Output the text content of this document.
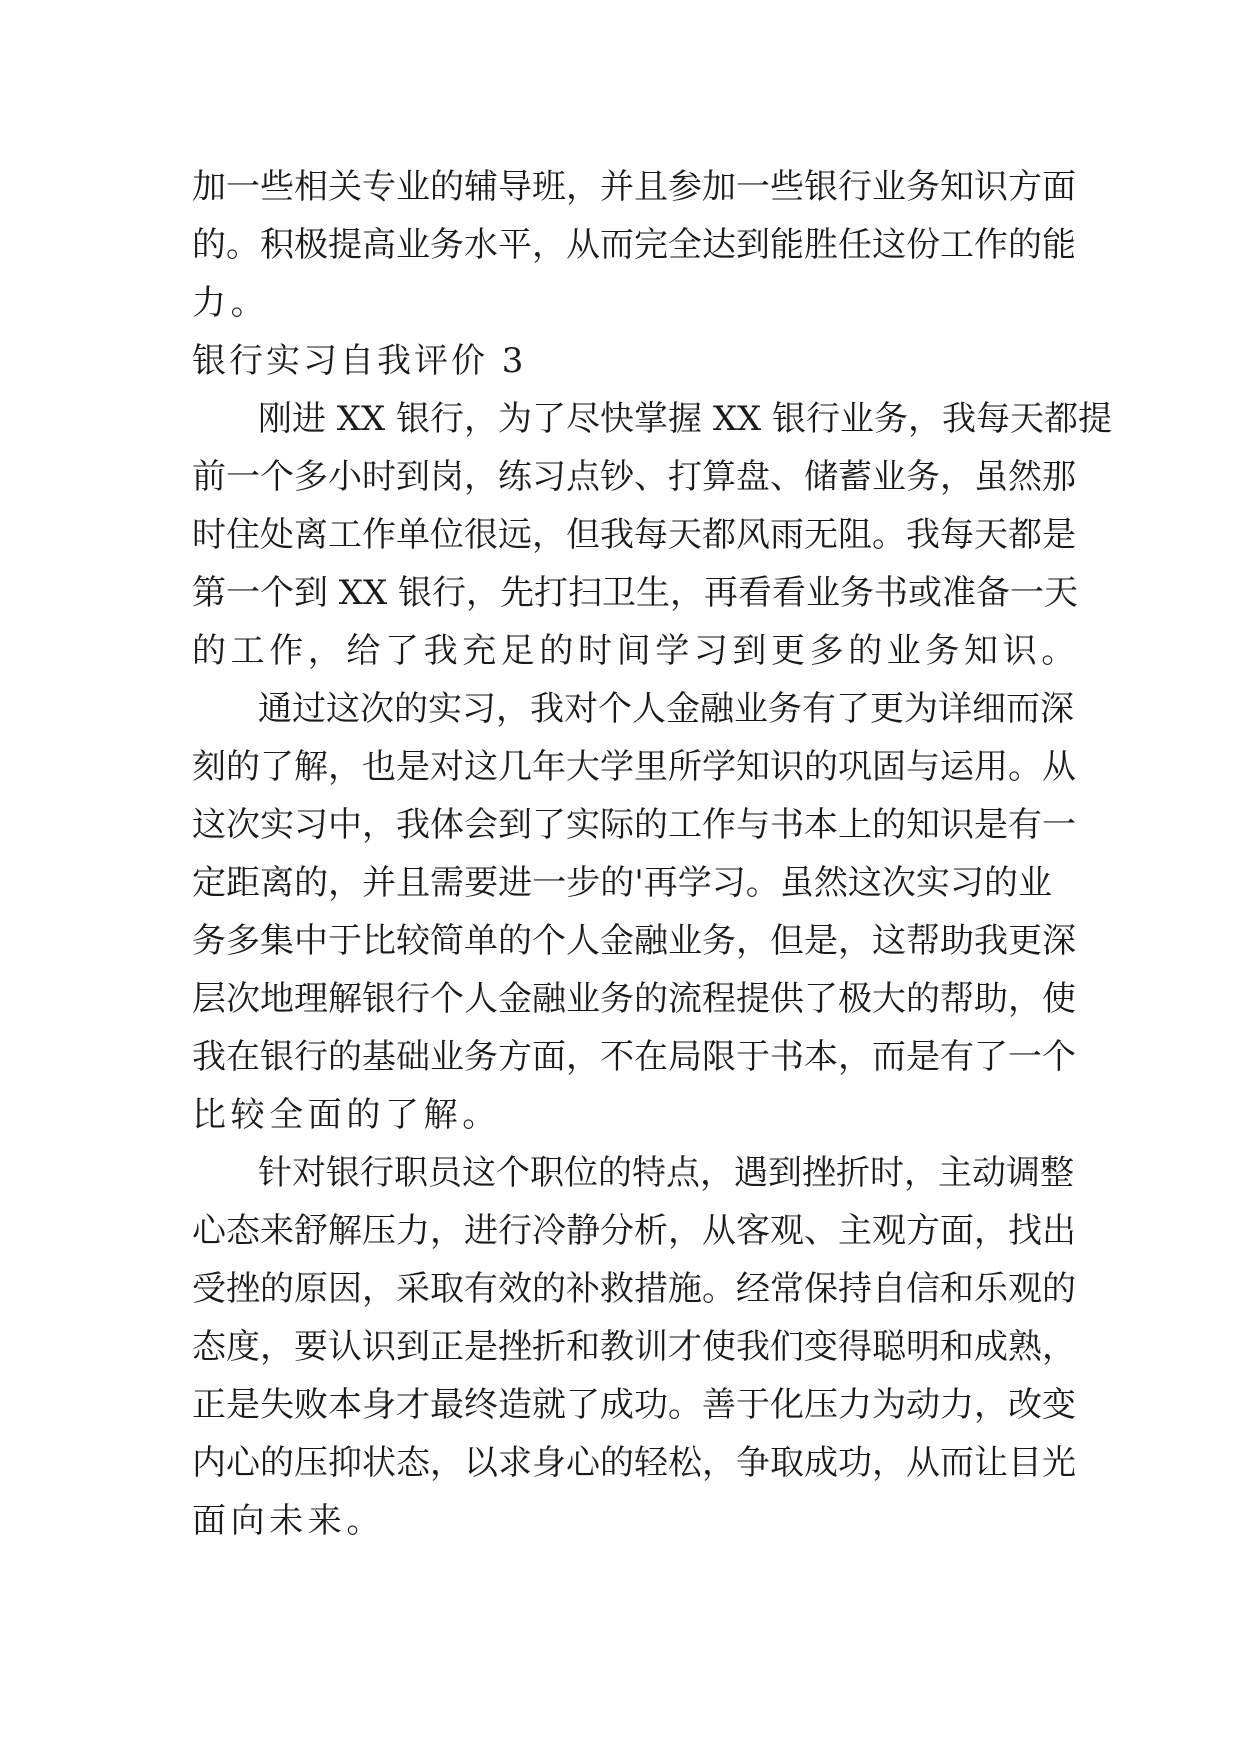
加一些相关专业的辅导班，并且参加一些银行业务知识方面
的。积极提高业务水平，从而完全达到能胜任这份工作的能
力。
银行实习自我评价 3
刚进 XX 银行，为了尽快掌握 XX 银行业务，我每天都提
前一个多小时到岗，练习点钞、打算盘、储蓄业务，虽然那
时住处离工作单位很远，但我每天都风雨无阻。我每天都是
第一个到 XX 银行，先打扫卫生，再看看业务书或准备一天
的工作，给了我充足的时间学习到更多的业务知识。
通过这次的实习，我对个人金融业务有了更为详细而深
刻的了解，也是对这几年大学里所学知识的巩固与运用。从
这次实习中，我体会到了实际的工作与书本上的知识是有一
定距离的，并且需要进一步的'再学习。虽然这次实习的业
务多集中于比较简单的个人金融业务，但是，这帮助我更深
层次地理解银行个人金融业务的流程提供了极大的帮助，使
我在银行的基础业务方面，不在局限于书本，而是有了一个
比较全面的了解。
针对银行职员这个职位的特点，遇到挫折时，主动调整
心态来舒解压力，进行冷静分析，从客观、主观方面，找出
受挫的原因，采取有效的补救措施。经常保持自信和乐观的
态度，要认识到正是挫折和教训才使我们变得聪明和成熟，
正是失败本身才最终造就了成功。善于化压力为动力，改变
内心的压抑状态，以求身心的轻松，争取成功，从而让目光
面向未来。
